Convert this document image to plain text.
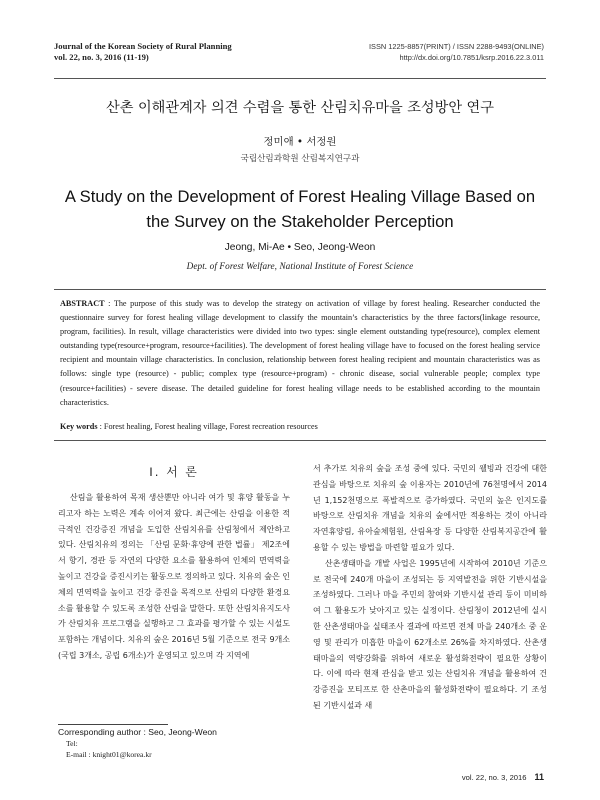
Journal of the Korean Society of Rural Planning
vol. 22, no. 3, 2016 (11-19)
ISSN 1225-8857(PRINT) / ISSN 2288-9493(ONLINE)
http://dx.doi.org/10.7851/ksrp.2016.22.3.011
산촌 이해관계자 의견 수렴을 통한 산림치유마을 조성방안 연구
정미애 • 서정원
국립산림과학원 산림복지연구과
A Study on the Development of Forest Healing Village Based on
the Survey on the Stakeholder Perception
Jeong, Mi-Ae • Seo, Jeong-Weon
Dept. of Forest Welfare, National Institute of Forest Science
ABSTRACT : The purpose of this study was to develop the strategy on activation of village by forest healing. Researcher conducted the questionnaire survey for forest healing village development to classify the mountain’s characteristics by the three factors(linkage resource, program, facilities). In result, village characteristics were divided into two types: single element outstanding type(resource), complex element outstanding type(resource+program, resource+facilities). The development of forest healing village have to focused on the forest healing service recipient and mountain village characteristics. In conclusion, relationship between forest healing recipient and mountain characteristics was as follows: single type (resource) - public; complex type (resource+program) - chronic disease, social vulnerable people; complex type (resource+facilities) - severe disease. The detailed guideline for forest healing village needs to be established according to the mountain characteristics.
Key words : Forest healing, Forest healing village, Forest recreation resources
I. 서 론

산림을 활용하여 목재 생산뿐만 아니라 여가 및 휴양 활동을 누리고자 하는 노력은 계속 이어져 왔다. 최근에는 산림을 이용한 적극적인 건강증진 개념을 도입한 산림치유를 산림청에서 제안하고 있다. 산림치유의 정의는 「산림 문화·휴양에 관한 법률」 제2조에서 향기, 경관 등 자연의 다양한 요소를 활용하여 인체의 면역력을 높이고 건강을 증진시키는 활동으로 정의하고 있다. 치유의 숲은 인체의 면역력을 높이고 건강 증진을 목적으로 산림의 다양한 환경요소를 활용할 수 있도록 조성한 산림을 말한다. 또한 산림치유지도사가 산림치유 프로그램을 실행하고 그 효과를 평가할 수 있는 시설도 포함하는 개념이다. 치유의 숲은 2016년 5월 기준으로 전국 9개소(국립 3개소, 공립 6개소)가 운영되고 있으며 각 지역에

서 추가로 치유의 숲을 조성 중에 있다. 국민의 웰빙과 건강에 대한 관심을 바탕으로 치유의 숲 이용자는 2010년에 76천명에서 2014년 1,152천명으로 폭발적으로 증가하였다. 국민의 높은 인지도를 바탕으로 산림치유 개념을 치유의 숲에서만 적용하는 것이 아니라 자연휴양림, 유아숲체험원, 산림욕장 등 다양한 산림복지공간에 활용할 수 있는 방법을 마련할 필요가 있다.

산촌생태마을 개발 사업은 1995년에 시작하여 2010년 기준으로 전국에 240개 마을이 조성되는 등 지역발전을 위한 기반시설을 조성하였다. 그러나 마을 주민의 참여와 기반시설 관리 등이 미비하여 그 활용도가 낮아지고 있는 실정이다. 산림청이 2012년에 실시한 산촌생태마을 실태조사 결과에 따르면 전체 마을 240개소 중 운영 및 관리가 미흡한 마을이 62개소로 26%를 차지하였다. 산촌생태마을의 역량강화를 위하여 새로운 활성화전략이 필요한 상황이다. 이에 따라 현재 관심을 받고 있는 산림치유 개념을 활용하여 건강증진을 모티프로 한 산촌마을의 활성화전략이 필요하다. 기 조성된 기반시설과 새

Corresponding author : Seo, Jeong-Weon
Tel:
E-mail : knight01@korea.kr
vol. 22, no. 3, 2016 11
